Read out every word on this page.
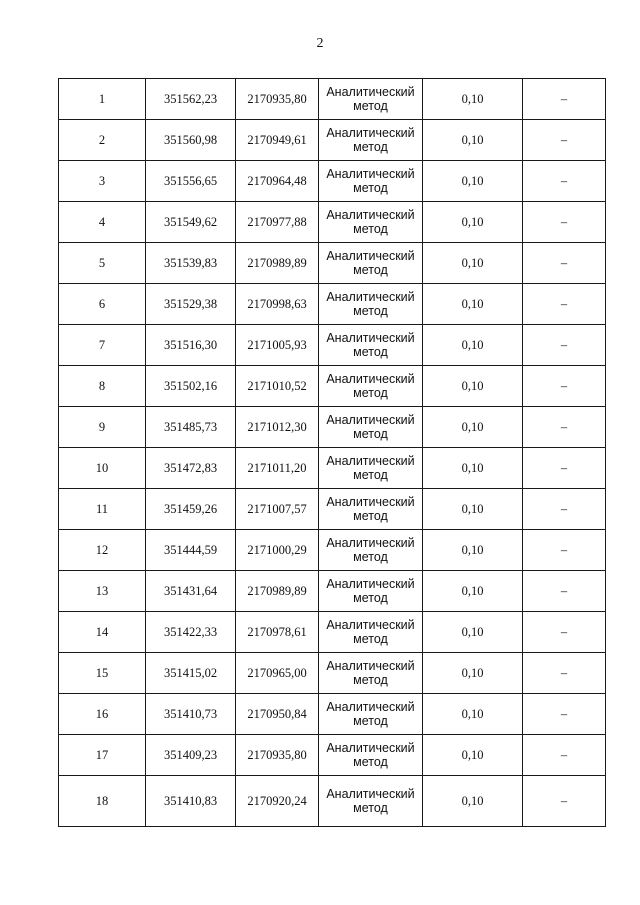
2
1	351562,23	2170935,80	Аналитический метод	0,10	–
2	351560,98	2170949,61	Аналитический метод	0,10	–
3	351556,65	2170964,48	Аналитический метод	0,10	–
4	351549,62	2170977,88	Аналитический метод	0,10	–
5	351539,83	2170989,89	Аналитический метод	0,10	–
6	351529,38	2170998,63	Аналитический метод	0,10	–
7	351516,30	2171005,93	Аналитический метод	0,10	–
8	351502,16	2171010,52	Аналитический метод	0,10	–
9	351485,73	2171012,30	Аналитический метод	0,10	–
10	351472,83	2171011,20	Аналитический метод	0,10	–
11	351459,26	2171007,57	Аналитический метод	0,10	–
12	351444,59	2171000,29	Аналитический метод	0,10	–
13	351431,64	2170989,89	Аналитический метод	0,10	–
14	351422,33	2170978,61	Аналитический метод	0,10	–
15	351415,02	2170965,00	Аналитический метод	0,10	–
16	351410,73	2170950,84	Аналитический метод	0,10	–
17	351409,23	2170935,80	Аналитический метод	0,10	–
18	351410,83	2170920,24	Аналитический метод	0,10	–
